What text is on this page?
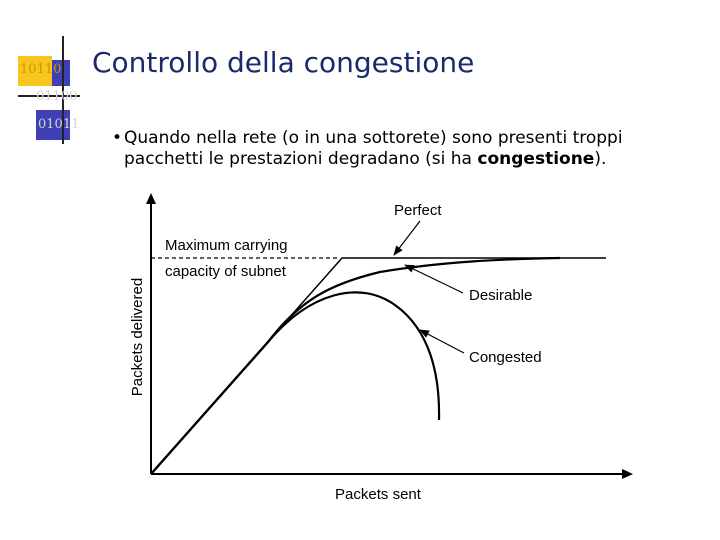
10110
01100
01011
Controllo della congestione
• Quando nella rete (o in una sottorete) sono presenti troppi
pacchetti le prestazioni degradano (si ha congestione).
Packets delivered
Packets sent
Maximum carrying
capacity of subnet
Perfect
Desirable
Congested
